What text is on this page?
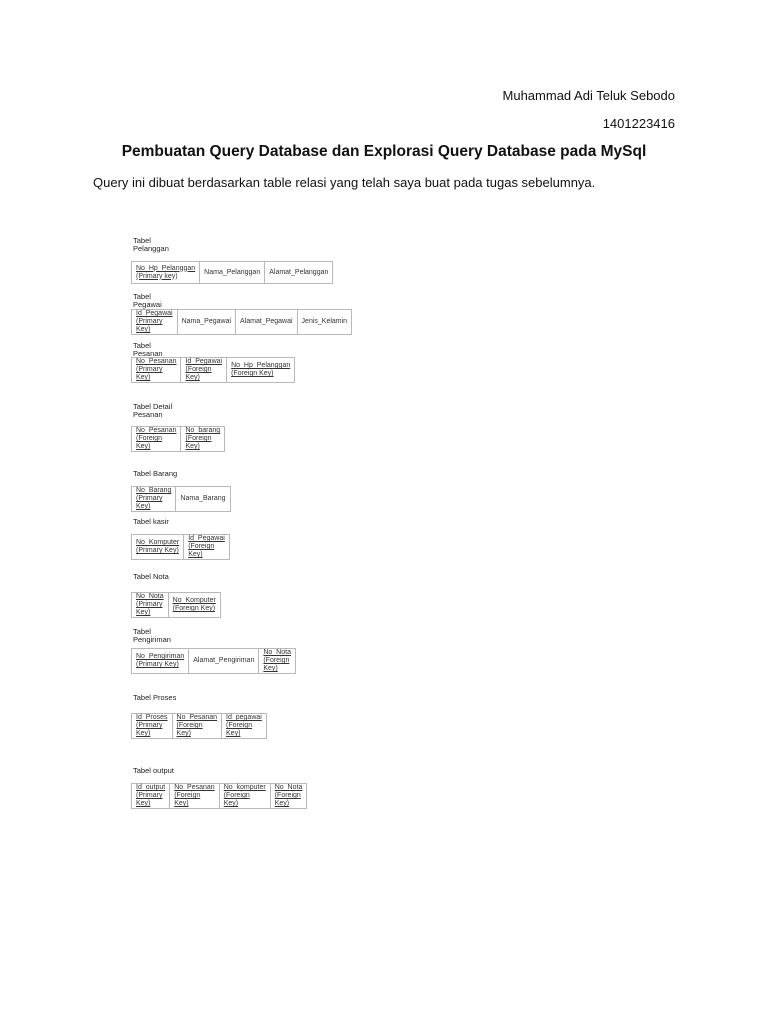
Muhammad Adi Teluk Sebodo
1401223416
Pembuatan Query Database dan Explorasi Query Database pada MySql
Query ini dibuat berdasarkan table relasi yang telah saya buat pada tugas sebelumnya.
Tabel Pelanggan
No_Hp_Pelanggan (Primary key)	Nama_Pelanggan	Alamat_Pelanggan
Tabel Pegawai
Id_Pegawai (Primary Key)	Nama_Pegawai	Alamat_Pegawai	Jenis_Kelamin
Tabel Pesanan
No_Pesanan (Primary Key)	Id_Pegawai (Foreign Key)	No_Hp_Pelanggan (Foreign Key)
Tabel Detail Pesanan
No_Pesanan (Foreign Key)	No_barang (Foreign Key)
Tabel Barang
No_Barang (Primary Key)	Nama_Barang
Tabel kasir
No_Komputer (Primary Key)	Id_Pegawai (Foreign Key)
Tabel Nota
No_Nota (Primary Key)	No_Komputer (Foreign Key)
Tabel Pengiriman
No_Pengiriman (Primary Key)	Alamat_Pengiriman	No_Nota (Foreign Key)
Tabel Proses
Id_Proses (Primary Key)	No_Pesanan (Foreign Key)	Id_pegawai (Foreign Key)
Tabel output
Id_output (Primary Key)	No_Pesanan (Foreign Key)	No_komputer (Foreign Key)	No_Nota (Foreign Key)
